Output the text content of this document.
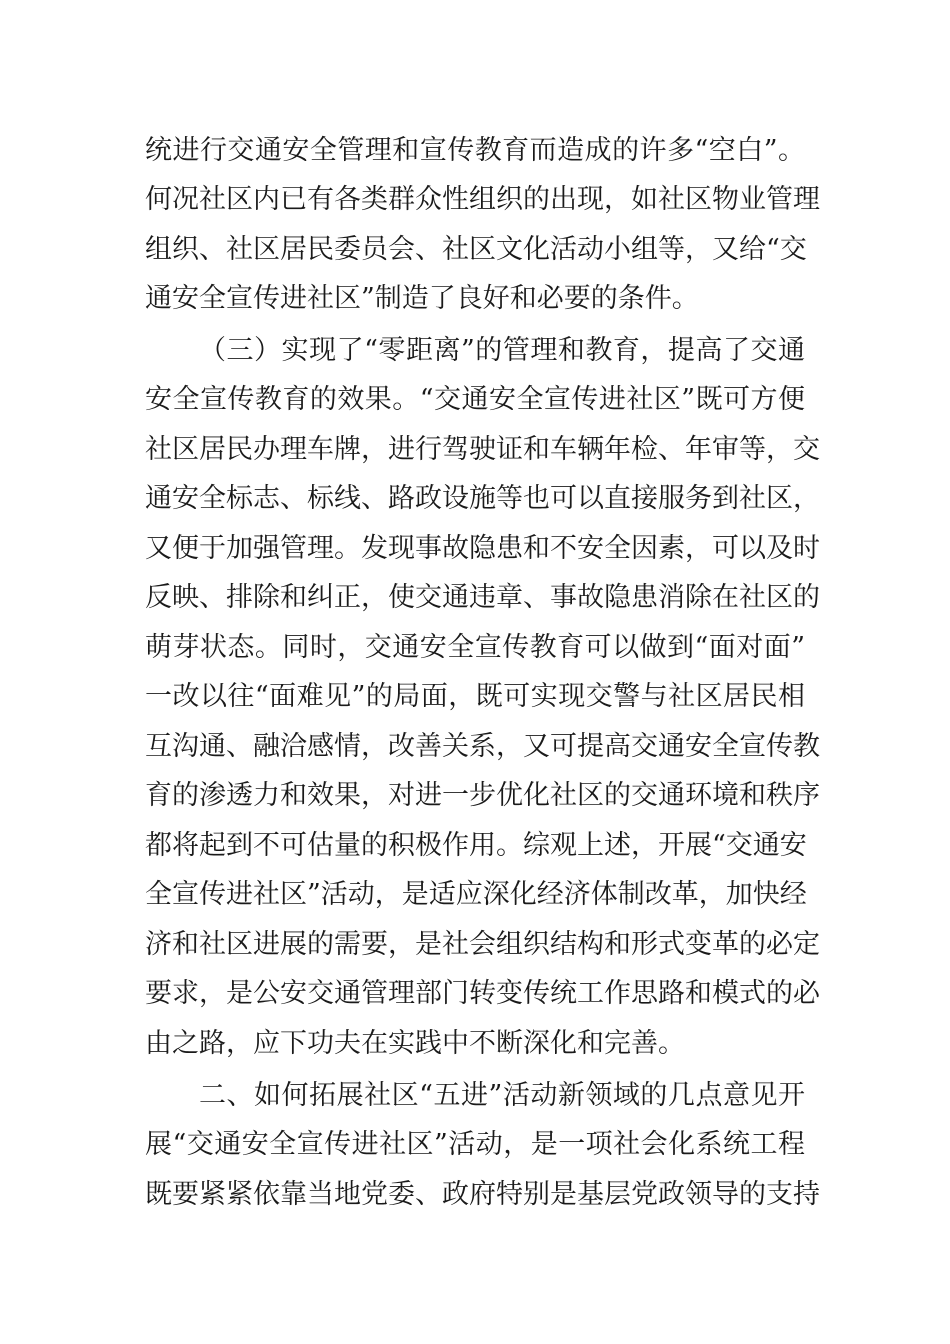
统进行交通安全管理和宣传教育而造成的许多“空白”。
何况社区内已有各类群众性组织的出现，如社区物业管理
组织、社区居民委员会、社区文化活动小组等，又给“交
通安全宣传进社区”制造了良好和必要的条件。
（三）实现了“零距离”的管理和教育，提高了交通
安全宣传教育的效果。“交通安全宣传进社区”既可方便
社区居民办理车牌，进行驾驶证和车辆年检、年审等，交
通安全标志、标线、路政设施等也可以直接服务到社区，
又便于加强管理。发现事故隐患和不安全因素，可以及时
反映、排除和纠正，使交通违章、事故隐患消除在社区的
萌芽状态。同时，交通安全宣传教育可以做到“面对面”
一改以往“面难见”的局面，既可实现交警与社区居民相
互沟通、融洽感情，改善关系，又可提高交通安全宣传教
育的渗透力和效果，对进一步优化社区的交通环境和秩序
都将起到不可估量的积极作用。综观上述，开展“交通安
全宣传进社区”活动，是适应深化经济体制改革，加快经
济和社区进展的需要，是社会组织结构和形式变革的必定
要求，是公安交通管理部门转变传统工作思路和模式的必
由之路，应下功夫在实践中不断深化和完善。
二、如何拓展社区“五进”活动新领域的几点意见开
展“交通安全宣传进社区”活动，是一项社会化系统工程
既要紧紧依靠当地党委、政府特别是基层党政领导的支持
